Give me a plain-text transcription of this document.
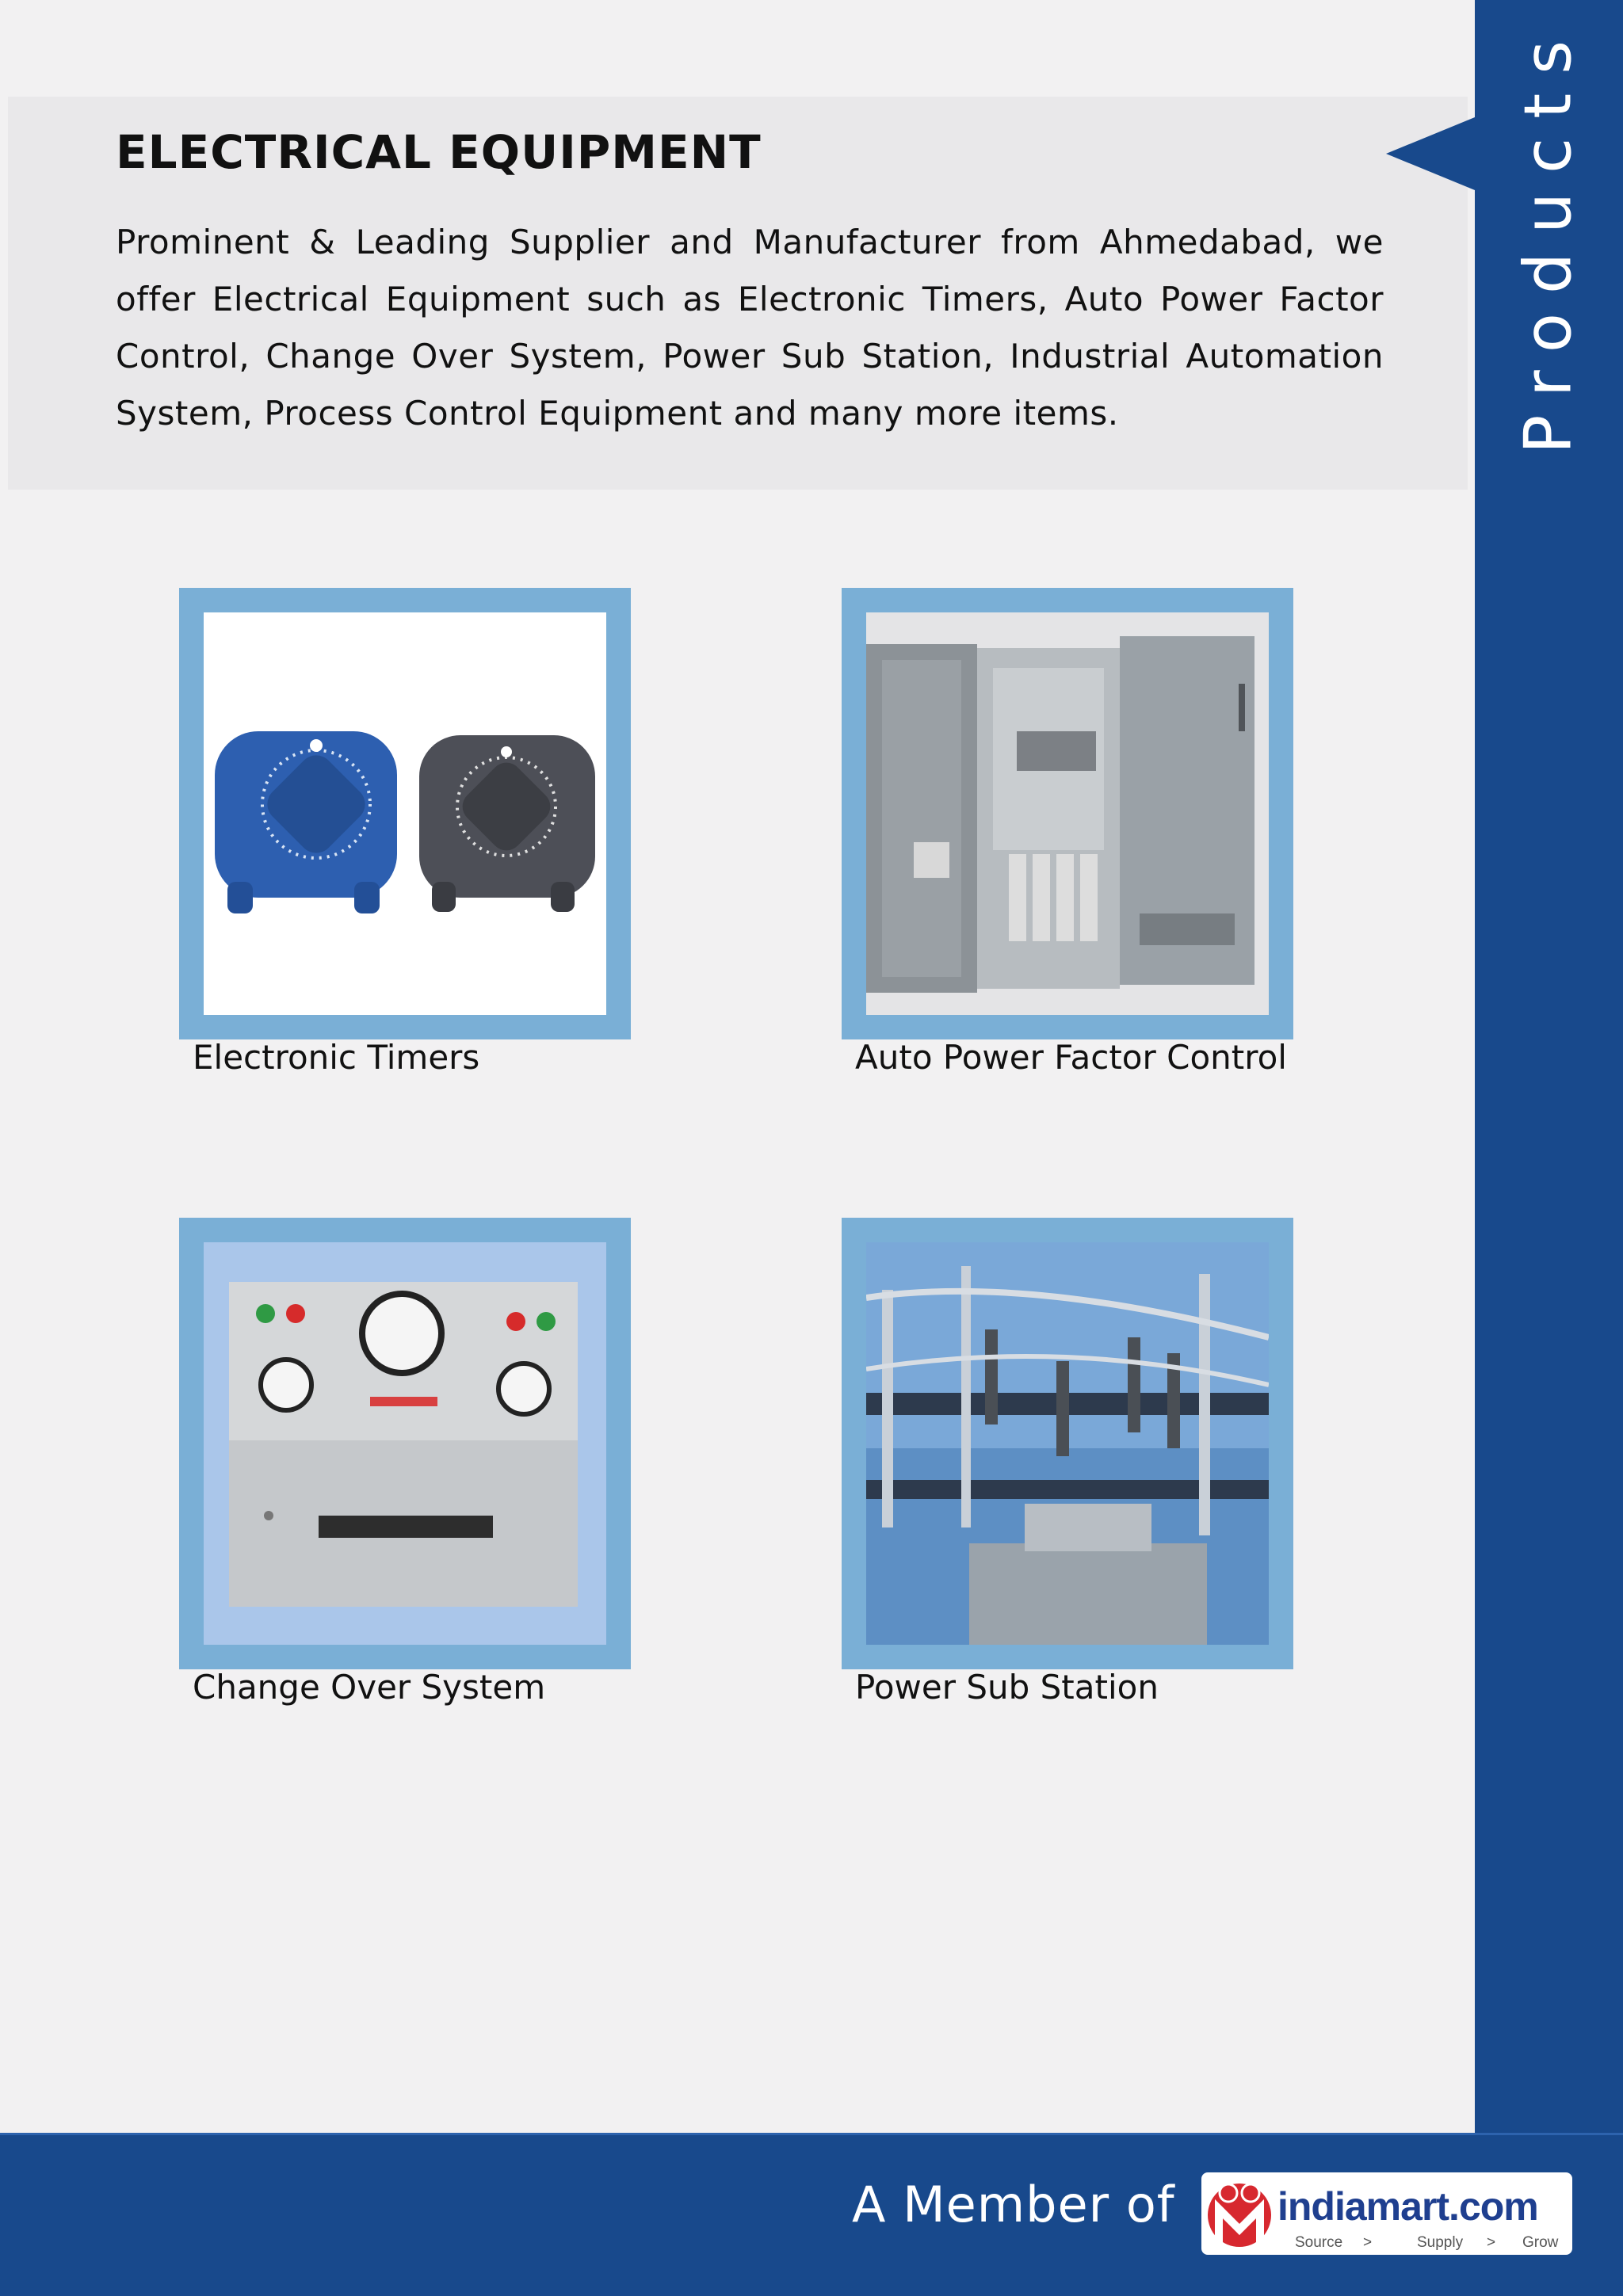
ELECTRICAL EQUIPMENT

Prominent & Leading Supplier and Manufacturer from Ahmedabad, we offer Electrical Equipment such as Electronic Timers, Auto Power Factor Control, Change Over System, Power Sub Station, Industrial Automation System, Process Control Equipment and many more items.	Products
Electronic Timers	Auto Power Factor Control
Change Over System	Power Sub Station
A Member of	indiamart.com
Source >	Supply > Grow
